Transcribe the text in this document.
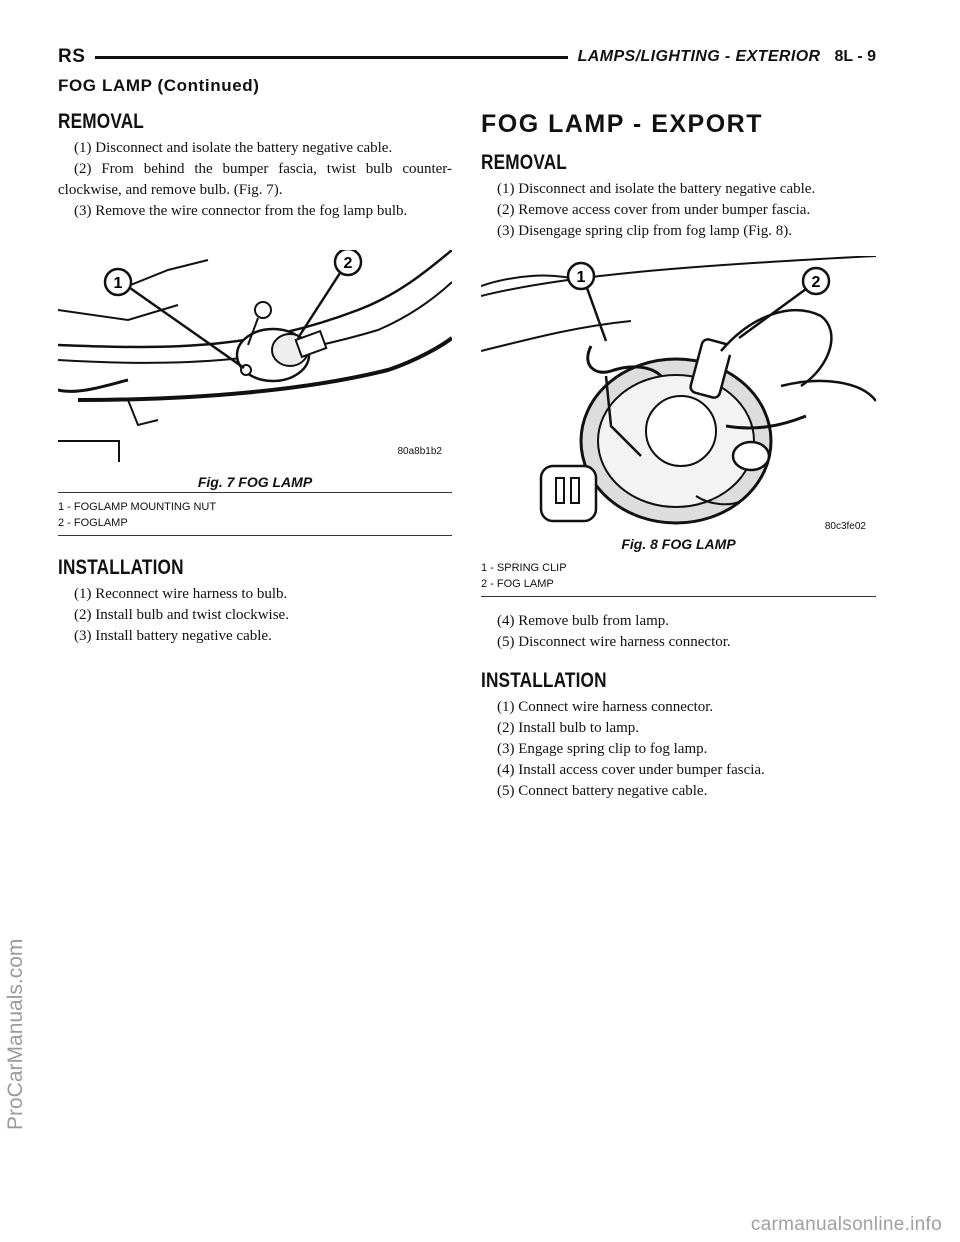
RS	LAMPS/LIGHTING - EXTERIOR 8L - 9
FOG LAMP (Continued)
REMOVAL

(1) Disconnect and isolate the battery negative cable.

(2) From behind the bumper fascia, twist bulb counter-clockwise, and remove bulb. (Fig. 7).

(3) Remove the wire connector from the fog lamp bulb.

1
2
80a8b1b2
Fig. 7 FOG LAMP
1 - FOGLAMP MOUNTING NUT
2 - FOGLAMP
INSTALLATION

(1) Reconnect wire harness to bulb.

(2) Install bulb and twist clockwise.

(3) Install battery negative cable.

FOG LAMP - EXPORT
REMOVAL

(1) Disconnect and isolate the battery negative cable.

(2) Remove access cover from under bumper fascia.

(3) Disengage spring clip from fog lamp (Fig. 8).

1	2
80c3fe02
Fig. 8 FOG LAMP
1 - SPRING CLIP
2 - FOG LAMP

(4) Remove bulb from lamp.

(5) Disconnect wire harness connector.

INSTALLATION

(1) Connect wire harness connector.

(2) Install bulb to lamp.

(3) Engage spring clip to fog lamp.

(4) Install access cover under bumper fascia.

(5) Connect battery negative cable.

ProCarManuals.com
carmanualsonline.info
